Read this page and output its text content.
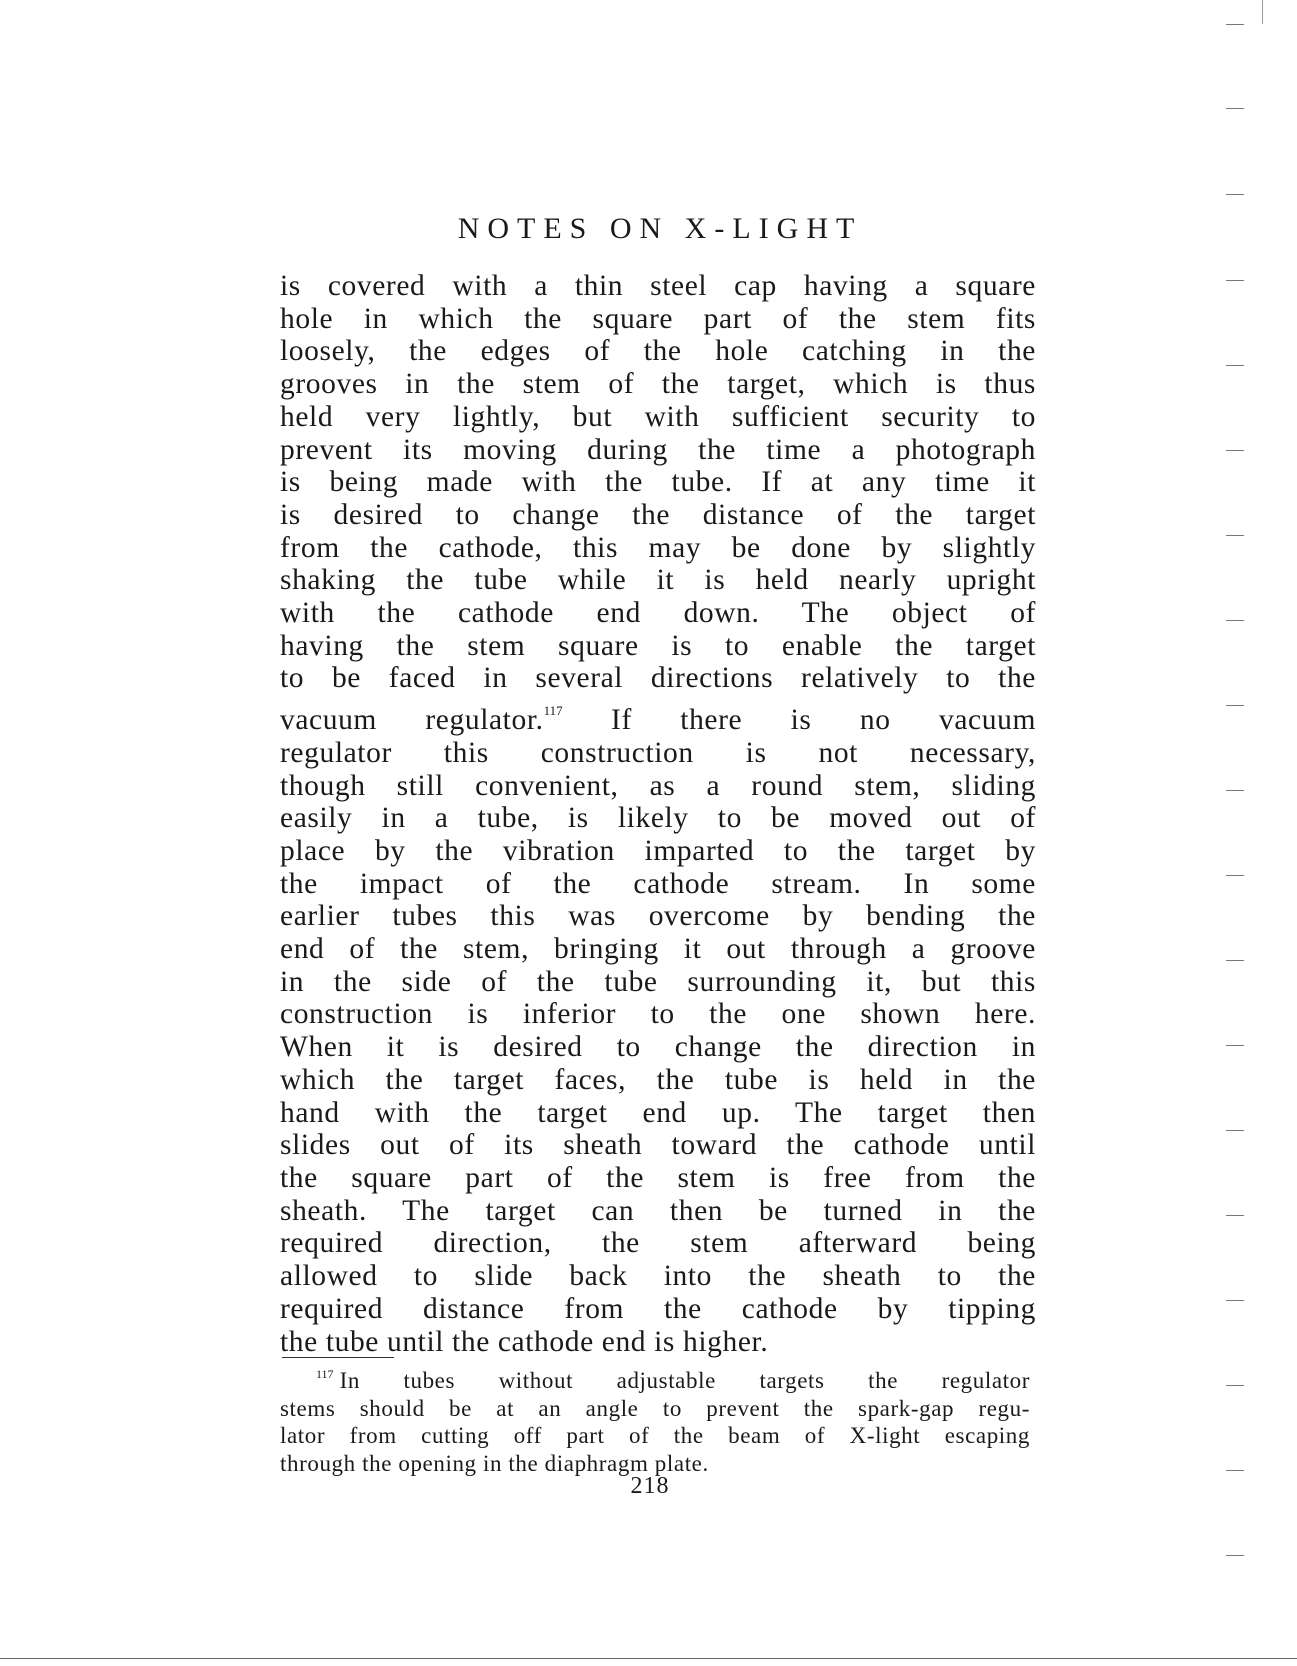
NOTES ON X-LIGHT

is covered with a thin steel cap having a square
hole in which the square part of the stem fits
loosely, the edges of the hole catching in the
grooves in the stem of the target, which is thus
held very lightly, but with sufficient security to
prevent its moving during the time a photograph
is being made with the tube. If at any time it
is desired to change the distance of the target
from the cathode, this may be done by slightly
shaking the tube while it is held nearly upright
with the cathode end down. The object of
having the stem square is to enable the target
to be faced in several directions relatively to the
vacuum regulator.$^{117}$ If there is no vacuum
regulator this construction is not necessary,
though still convenient, as a round stem, sliding
easily in a tube, is likely to be moved out of
place by the vibration imparted to the target by
the impact of the cathode stream. In some
earlier tubes this was overcome by bending the
end of the stem, bringing it out through a groove
in the side of the tube surrounding it, but this
construction is inferior to the one shown here.
When it is desired to change the direction in
which the target faces, the tube is held in the
hand with the target end up. The target then
slides out of its sheath toward the cathode until
the square part of the stem is free from the
sheath. The target can then be turned in the
required direction, the stem afterward being
allowed to slide back into the sheath to the
required distance from the cathode by tipping
the tube until the cathode end is higher.

$^{117}$ In tubes without adjustable targets the regulator
stems should be at an angle to prevent the spark-gap regu-
lator from cutting off part of the beam of X-light escaping
through the opening in the diaphragm plate.
218
